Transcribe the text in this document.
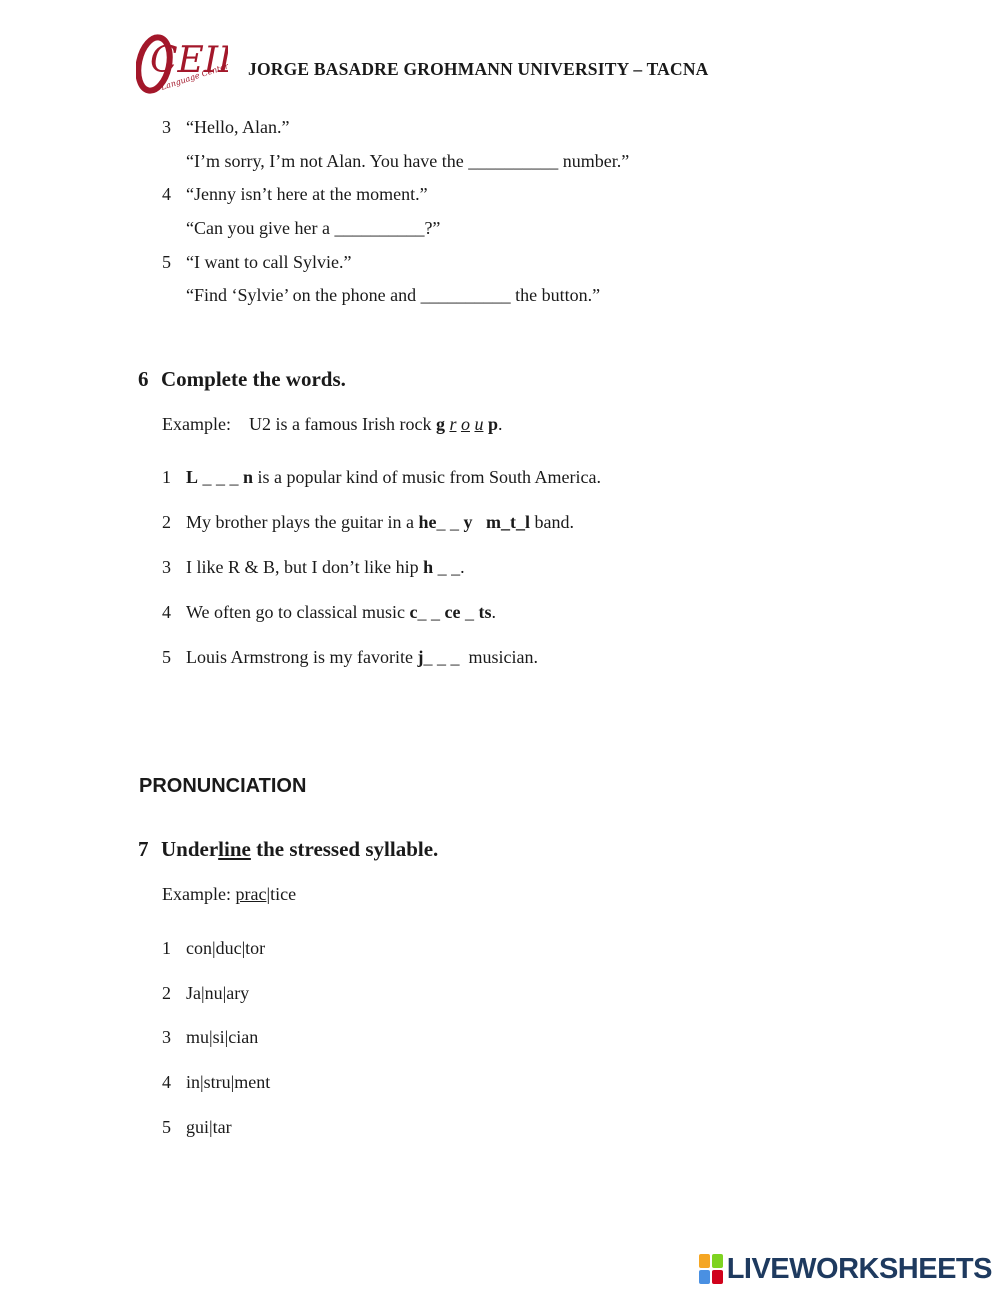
CEI
Language Center JORGE BASADRE GROHMANN UNIVERSITY – TACNA
3 “Hello, Alan.”
“I’m sorry, I’m not Alan. You have the __________ number.”
4 “Jenny isn’t here at the moment.”
“Can you give her a __________?”
5 “I want to call Sylvie.”
“Find ‘Sylvie’ on the phone and __________ the button.”
6 Complete the words.
Example: U2 is a famous Irish rock g r o u p.
1 L _ _ _ n is a popular kind of music from South America.
2 My brother plays the guitar in a he_ _ y m_t_l band.
3 I like R & B, but I don’t like hip h _ _.
4 We often go to classical music c_ _ ce _ ts.
5 Louis Armstrong is my favorite j_ _ _  musician.
PRONUNCIATION
7 Underline the stressed syllable.
Example: prac|tice
1 con|duc|tor
2 Ja|nu|ary
3 mu|si|cian
4 in|stru|ment
5 gui|tar
LIVEWORKSHEETS
